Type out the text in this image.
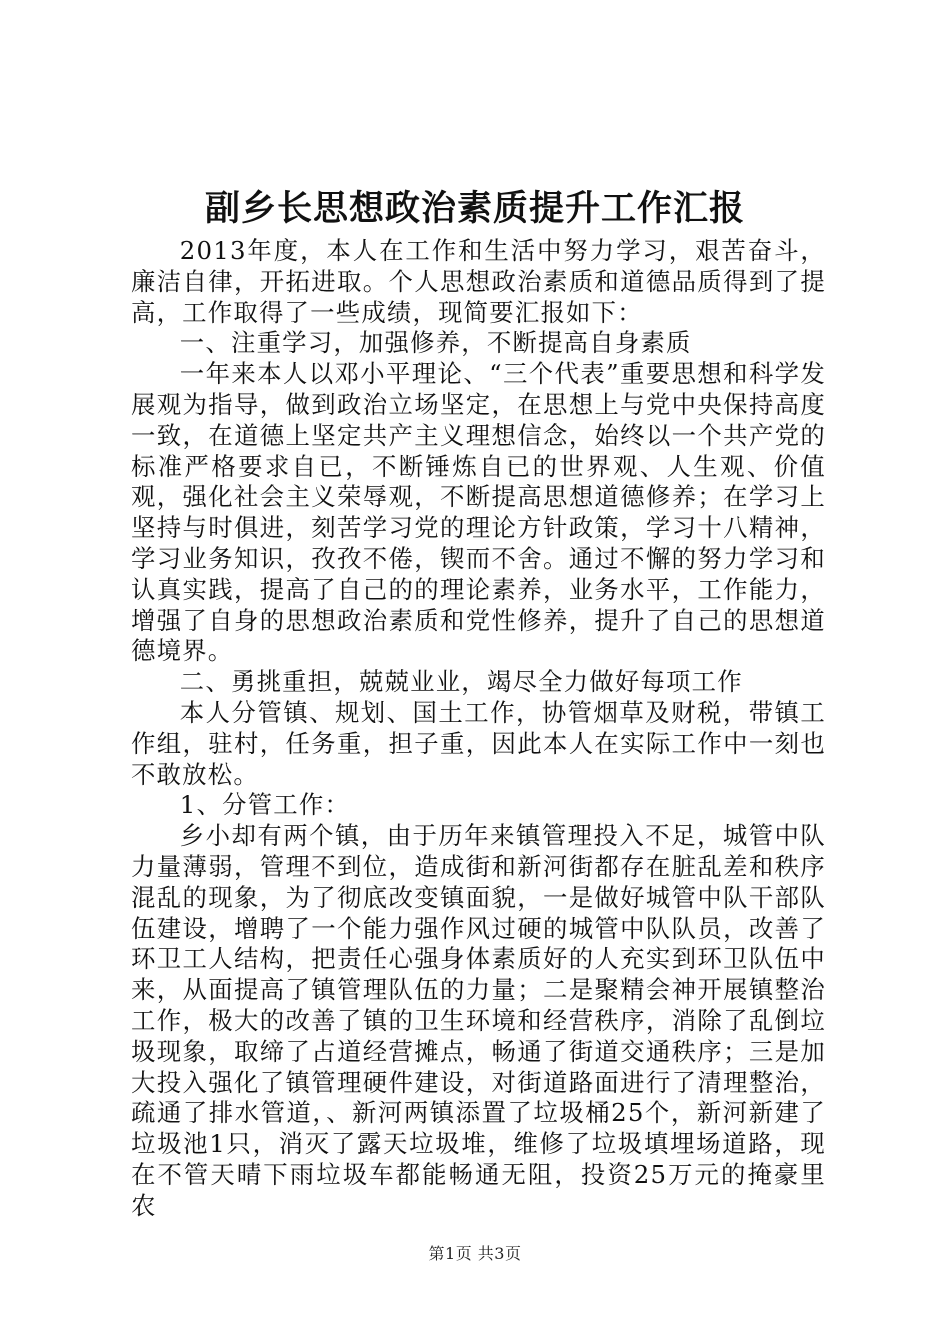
副乡长思想政治素质提升工作汇报

2013年度，本人在工作和生活中努力学习，艰苦奋斗，廉洁自律，开拓进取。个人思想政治素质和道德品质得到了提高，工作取得了一些成绩，现简要汇报如下：

一、注重学习，加强修养，不断提高自身素质

一年来本人以邓小平理论、“三个代表”重要思想和科学发展观为指导，做到政治立场坚定，在思想上与党中央保持高度一致，在道德上坚定共产主义理想信念，始终以一个共产党的标准严格要求自已，不断锤炼自已的世界观、人生观、价值观，强化社会主义荣辱观，不断提高思想道德修养；在学习上坚持与时俱进，刻苦学习党的理论方针政策，学习十八精神，学习业务知识，孜孜不倦，锲而不舍。通过不懈的努力学习和认真实践，提高了自己的的理论素养，业务水平，工作能力，增强了自身的思想政治素质和党性修养，提升了自己的思想道德境界。

二、勇挑重担，兢兢业业，竭尽全力做好每项工作

本人分管镇、规划、国土工作，协管烟草及财税，带镇工作组，驻村，任务重，担子重，因此本人在实际工作中一刻也不敢放松。

1、分管工作：

乡小却有两个镇，由于历年来镇管理投入不足，城管中队力量薄弱，管理不到位，造成街和新河街都存在脏乱差和秩序混乱的现象，为了彻底改变镇面貌，一是做好城管中队干部队伍建设，增聘了一个能力强作风过硬的城管中队队员，改善了环卫工人结构，把责任心强身体素质好的人充实到环卫队伍中来，从面提高了镇管理队伍的力量；二是聚精会神开展镇整治工作，极大的改善了镇的卫生环境和经营秩序，消除了乱倒垃圾现象，取缔了占道经营摊点，畅通了街道交通秩序；三是加大投入强化了镇管理硬件建设，对街道路面进行了清理整治，疏通了排水管道，、新河两镇添置了垃圾桶25个，新河新建了垃圾池1只，消灭了露天垃圾堆，维修了垃圾填埋场道路，现在不管天晴下雨垃圾车都能畅通无阻，投资25万元的掩豪里农

第1页 共3页
